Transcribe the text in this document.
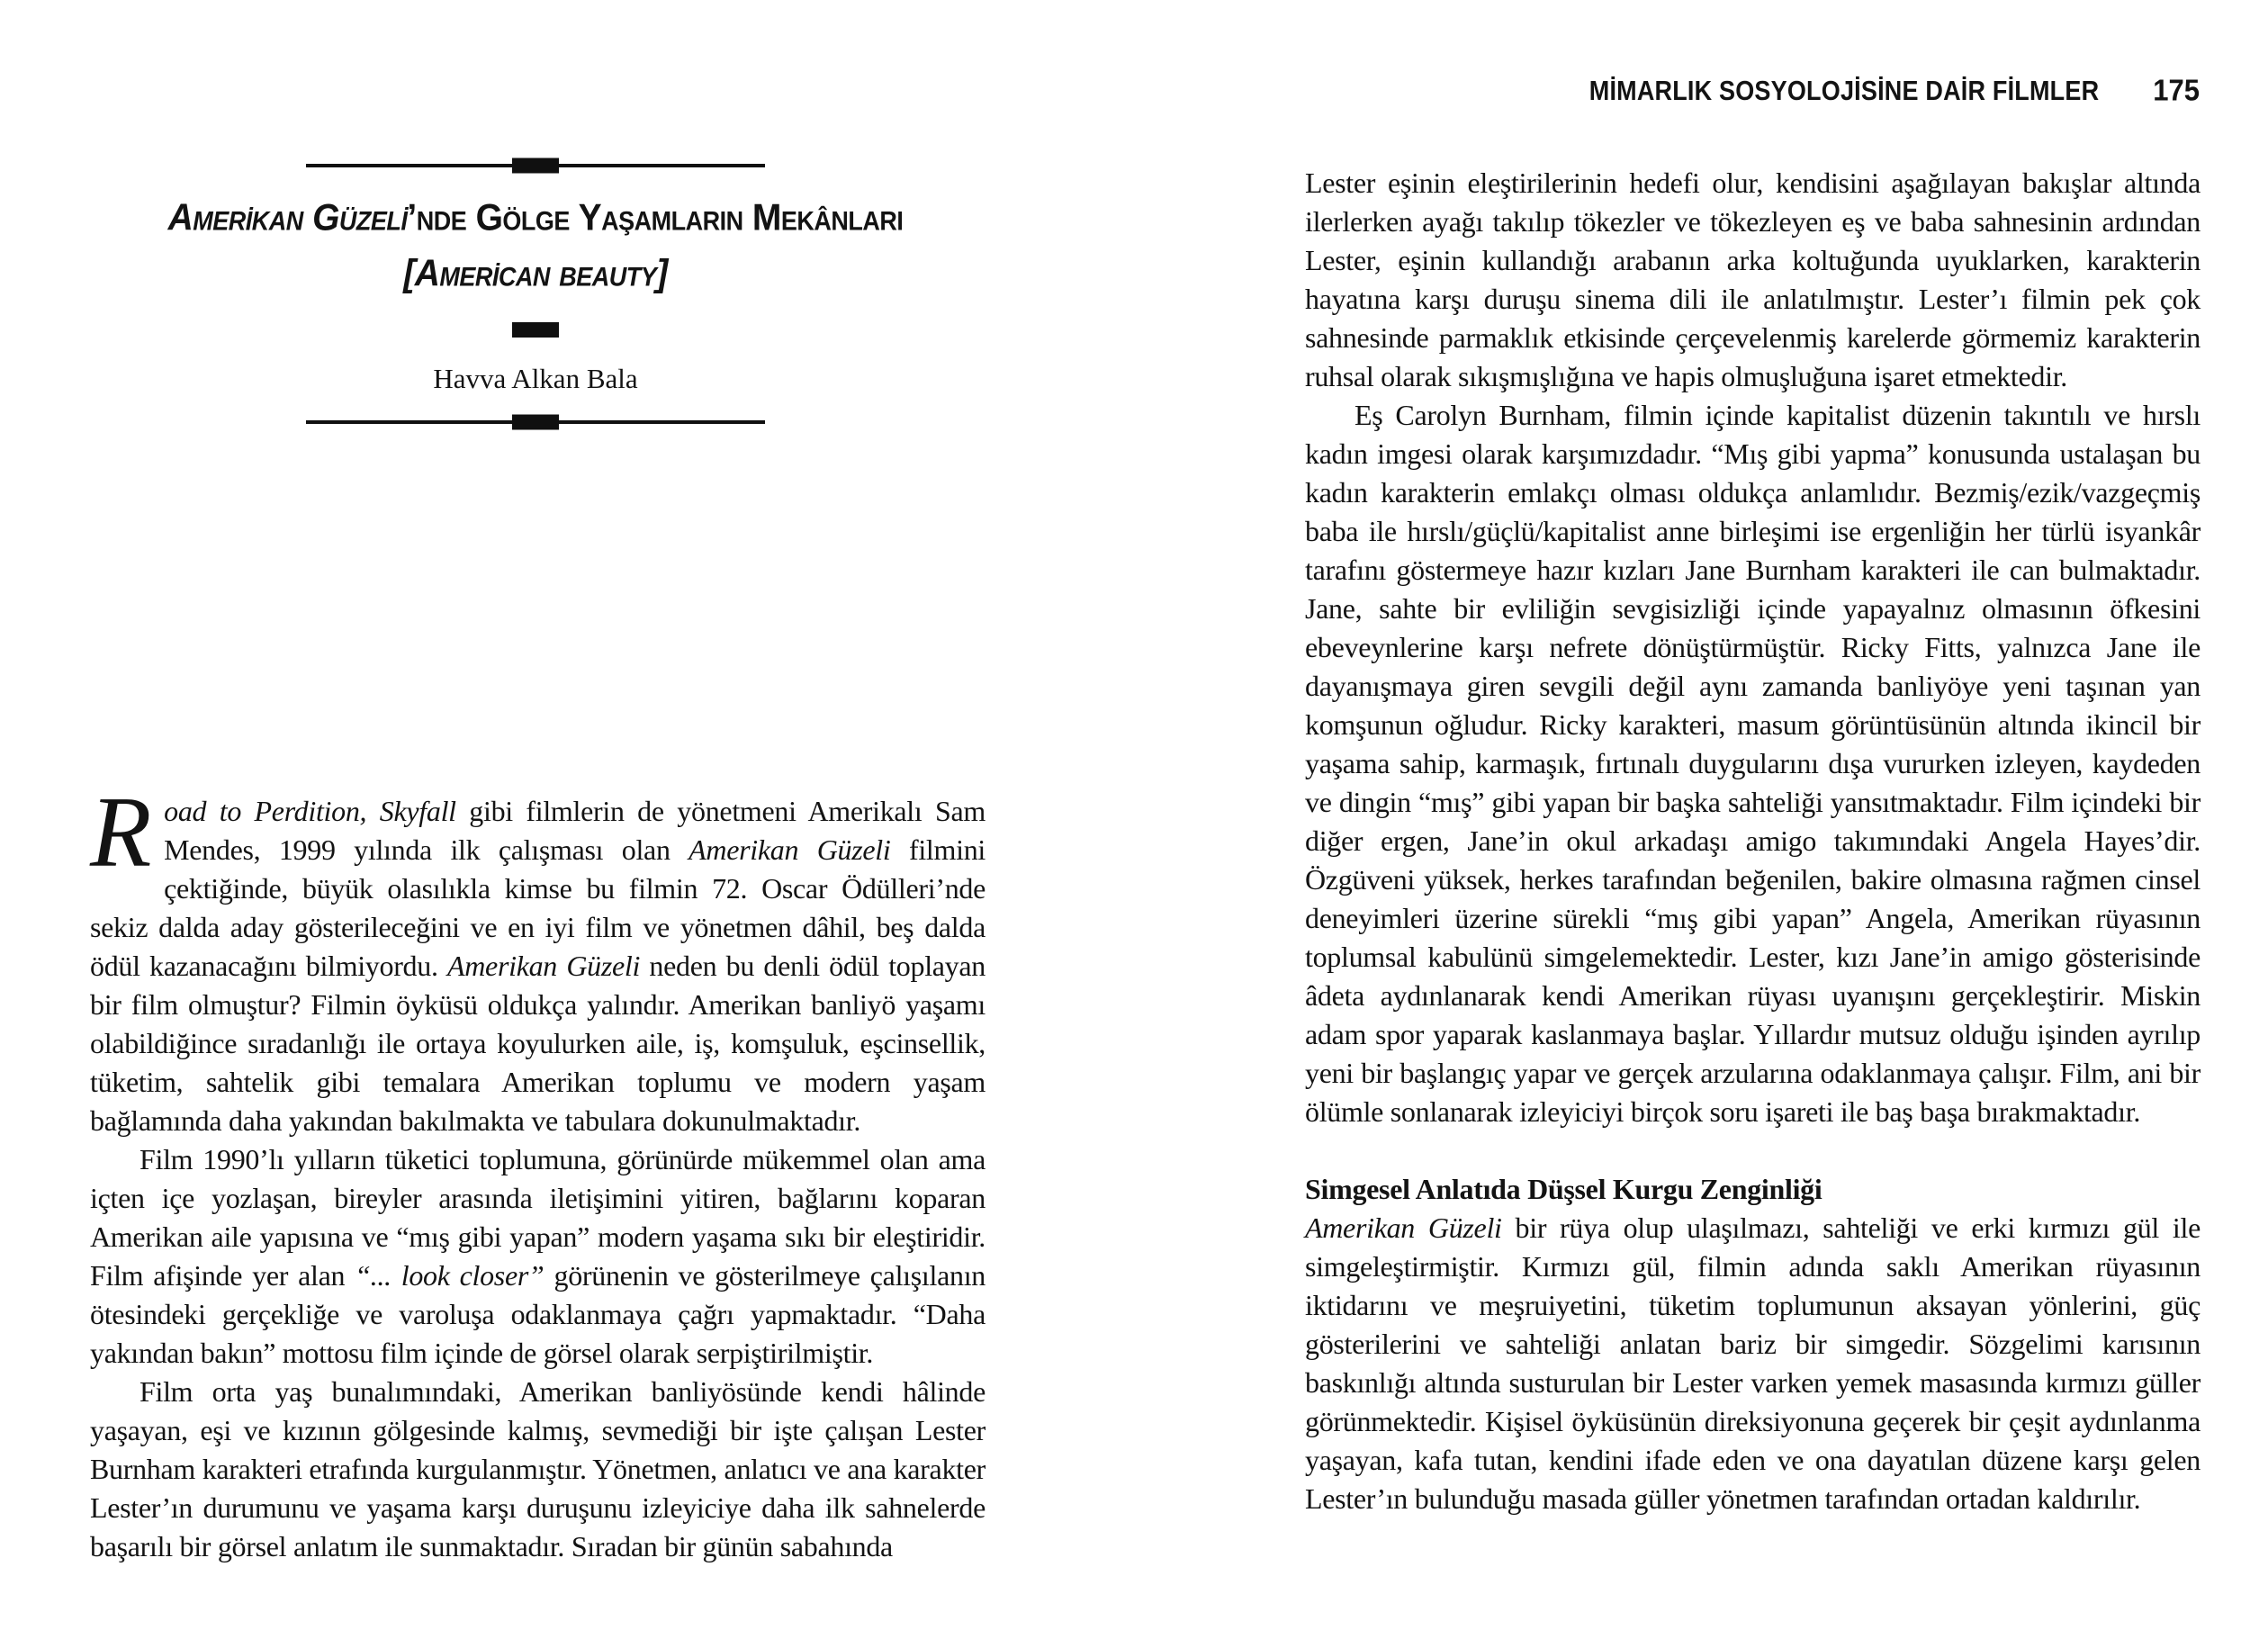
MİMARLIK SOSYOLOJİSİNE DAİR FİLMLER 175
Amerikan Güzeli’nde Gölge Yaşamların Mekânları
[American beauty]

Havva Alkan Bala

Road to Perdition, Skyfall gibi filmlerin de yönetmeni Amerikalı Sam Mendes, 1999 yılında ilk çalışması olan Amerikan Güzeli filmini çektiğinde, büyük olasılıkla kimse bu filmin 72. Oscar Ödülleri’nde sekiz dalda aday gösterileceğini ve en iyi film ve yönetmen dâhil, beş dalda ödül kazanacağını bilmiyordu. Amerikan Güzeli neden bu denli ödül toplayan bir film olmuştur? Filmin öyküsü oldukça yalındır. Amerikan banliyö yaşamı olabildiğince sıradanlığı ile ortaya koyulurken aile, iş, komşuluk, eşcinsellik, tüketim, sahtelik gibi temalara Amerikan toplumu ve modern yaşam bağlamında daha yakından bakılmakta ve tabulara dokunulmaktadır.

Film 1990’lı yılların tüketici toplumuna, görünürde mükemmel olan ama içten içe yozlaşan, bireyler arasında iletişimini yitiren, bağlarını koparan Amerikan aile yapısına ve “mış gibi yapan” modern yaşama sıkı bir eleştiridir. Film afişinde yer alan “... look closer” görünenin ve gösterilmeye çalışılanın ötesindeki gerçekliğe ve varoluşa odaklanmaya çağrı yapmaktadır. “Daha yakından bakın” mottosu film içinde de görsel olarak serpiştirilmiştir.

Film orta yaş bunalımındaki, Amerikan banliyösünde kendi hâlinde yaşayan, eşi ve kızının gölgesinde kalmış, sevmediği bir işte çalışan Lester Burnham karakteri etrafında kurgulanmıştır. Yönetmen, anlatıcı ve ana karakter Lester’ın durumunu ve yaşama karşı duruşunu izleyiciye daha ilk sahnelerde başarılı bir görsel anlatım ile sunmaktadır. Sıradan bir günün sabahında

Lester eşinin eleştirilerinin hedefi olur, kendisini aşağılayan bakışlar altında ilerlerken ayağı takılıp tökezler ve tökezleyen eş ve baba sahnesinin ardından Lester, eşinin kullandığı arabanın arka koltuğunda uyuklarken, karakterin hayatına karşı duruşu sinema dili ile anlatılmıştır. Lester’ı filmin pek çok sahnesinde parmaklık etkisinde çerçevelenmiş karelerde görmemiz karakterin ruhsal olarak sıkışmışlığına ve hapis olmuşluğuna işaret etmektedir.

Eş Carolyn Burnham, filmin içinde kapitalist düzenin takıntılı ve hırslı kadın imgesi olarak karşımızdadır. “Mış gibi yapma” konusunda ustalaşan bu kadın karakterin emlakçı olması oldukça anlamlıdır. Bezmiş/ezik/vazgeçmiş baba ile hırslı/güçlü/kapitalist anne birleşimi ise ergenliğin her türlü isyankâr tarafını göstermeye hazır kızları Jane Burnham karakteri ile can bulmaktadır. Jane, sahte bir evliliğin sevgisizliği içinde yapayalnız olmasının öfkesini ebeveynlerine karşı nefrete dönüştürmüştür. Ricky Fitts, yalnızca Jane ile dayanışmaya giren sevgili değil aynı zamanda banliyöye yeni taşınan yan komşunun oğludur. Ricky karakteri, masum görüntüsünün altında ikincil bir yaşama sahip, karmaşık, fırtınalı duygularını dışa vururken izleyen, kaydeden ve dingin “mış” gibi yapan bir başka sahteliği yansıtmaktadır. Film içindeki bir diğer ergen, Jane’in okul arkadaşı amigo takımındaki Angela Hayes’dir. Özgüveni yüksek, herkes tarafından beğenilen, bakire olmasına rağmen cinsel deneyimleri üzerine sürekli “mış gibi yapan” Angela, Amerikan rüyasının toplumsal kabulünü simgelemektedir. Lester, kızı Jane’in amigo gösterisinde âdeta aydınlanarak kendi Amerikan rüyası uyanışını gerçekleştirir. Miskin adam spor yaparak kaslanmaya başlar. Yıllardır mutsuz olduğu işinden ayrılıp yeni bir başlangıç yapar ve gerçek arzularına odaklanmaya çalışır. Film, ani bir ölümle sonlanarak izleyiciyi birçok soru işareti ile baş başa bırakmaktadır.

Simgesel Anlatıda Düşsel Kurgu Zenginliği

Amerikan Güzeli bir rüya olup ulaşılmazı, sahteliği ve erki kırmızı gül ile simgeleştirmiştir. Kırmızı gül, filmin adında saklı Amerikan rüyasının iktidarını ve meşruiyetini, tüketim toplumunun aksayan yönlerini, güç gösterilerini ve sahteliği anlatan bariz bir simgedir. Sözgelimi karısının baskınlığı altında susturulan bir Lester varken yemek masasında kırmızı güller görünmektedir. Kişisel öyküsünün direksiyonuna geçerek bir çeşit aydınlanma yaşayan, kafa tutan, kendini ifade eden ve ona dayatılan düzene karşı gelen Lester’ın bulunduğu masada güller yönetmen tarafından ortadan kaldırılır.
